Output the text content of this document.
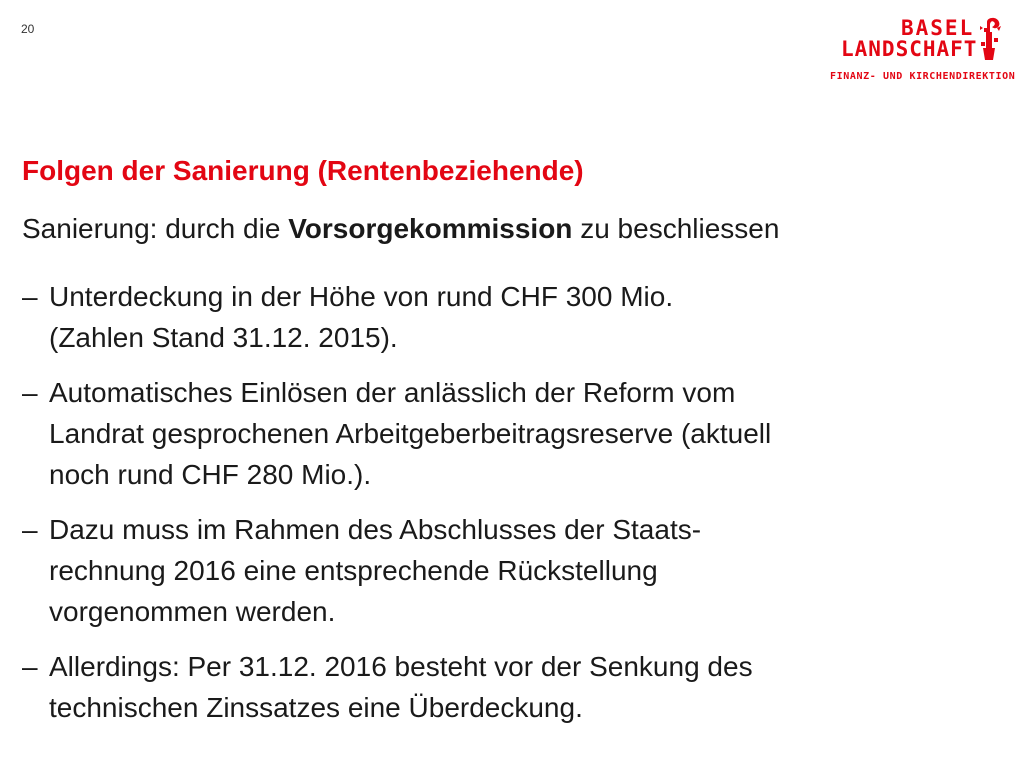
20	BASEL
LANDSCHAFT
FINANZ- UND KIRCHENDIREKTION
Folgen der Sanierung (Rentenbeziehende)

Sanierung: durch die Vorsorgekommission zu beschliessen

– Unterdeckung in der Höhe von rund CHF 300 Mio.
(Zahlen Stand 31.12. 2015).
– Automatisches Einlösen der anlässlich der Reform vom
Landrat gesprochenen Arbeitgeberbeitragsreserve (aktuell
noch rund CHF 280 Mio.).
– Dazu muss im Rahmen des Abschlusses der Staats-
rechnung 2016 eine entsprechende Rückstellung
vorgenommen werden.
– Allerdings: Per 31.12. 2016 besteht vor der Senkung des
technischen Zinssatzes eine Überdeckung.
